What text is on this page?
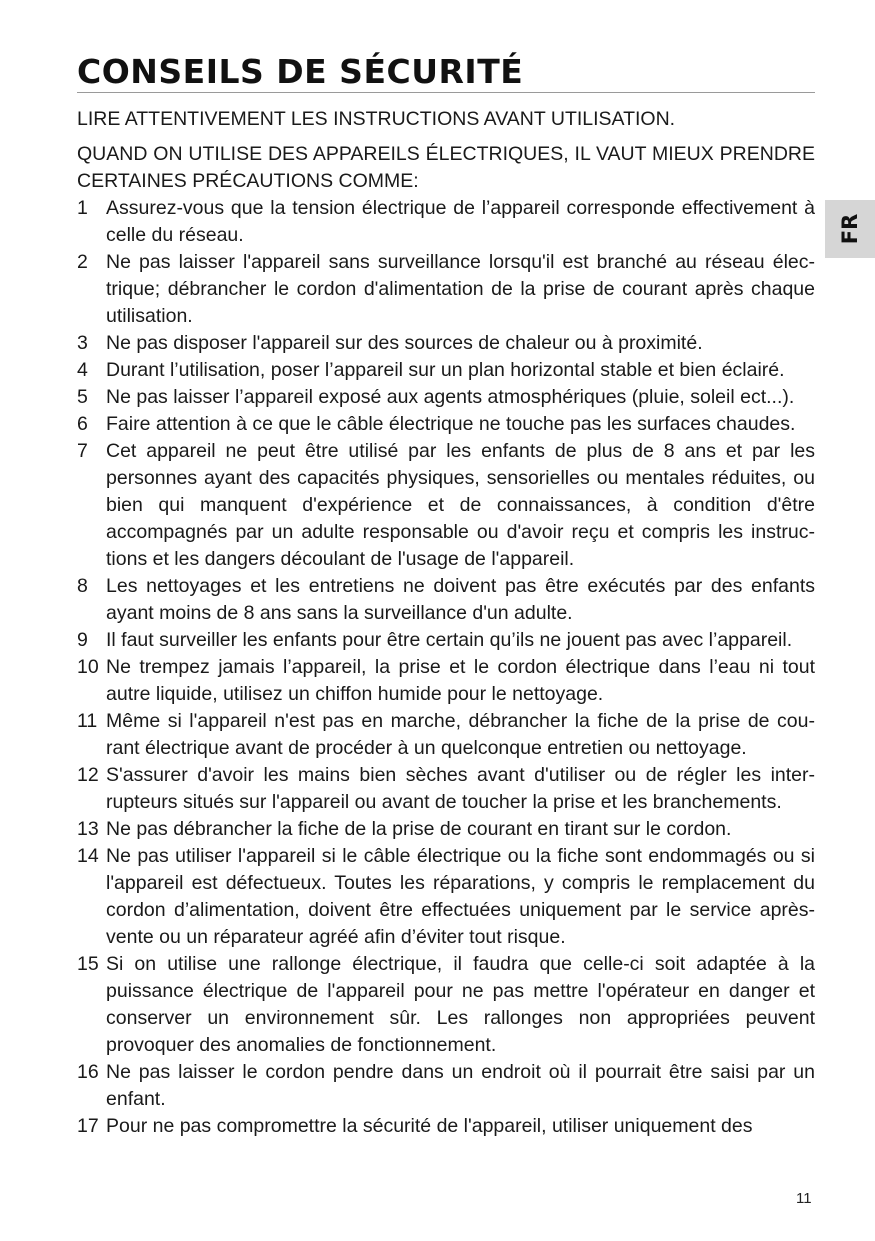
CONSEILS DE SÉCURITÉ
FR

LIRE ATTENTIVEMENT LES INSTRUCTIONS AVANT UTILISATION.

QUAND ON UTILISE DES APPAREILS ÉLECTRIQUES, IL VAUT MIEUX PRENDRE CERTAINES PRÉCAUTIONS COMME:

1 Assurez-vous que la tension électrique de l’appareil corresponde effectivement à celle du réseau.
2 Ne pas laisser l'appareil sans surveillance lorsqu'il est branché au réseau élec-trique; débrancher le cordon d'alimentation de la prise de courant après chaque utilisation.
3 Ne pas disposer l'appareil sur des sources de chaleur ou à proximité.
4 Durant l’utilisation, poser l’appareil sur un plan horizontal stable et bien éclairé.
5 Ne pas laisser l’appareil exposé aux agents atmosphériques (pluie, soleil ect...).
6 Faire attention à ce que le câble électrique ne touche pas les surfaces chaudes.
7 Cet appareil ne peut être utilisé par les enfants de plus de 8 ans et par les personnes ayant des capacités physiques, sensorielles ou mentales réduites, ou bien qui manquent d'expérience et de connaissances, à condition d'être accompagnés par un adulte responsable ou d'avoir reçu et compris les instruc-tions et les dangers découlant de l'usage de l'appareil.
8 Les nettoyages et les entretiens ne doivent pas être exécutés par des enfants ayant moins de 8 ans sans la surveillance d'un adulte.
9 Il faut surveiller les enfants pour être certain qu’ils ne jouent pas avec l’appareil.
10 Ne trempez jamais l’appareil, la prise et le cordon électrique dans l’eau ni tout autre liquide, utilisez un chiffon humide pour le nettoyage.
11 Même si l'appareil n'est pas en marche, débrancher la fiche de la prise de cou-rant électrique avant de procéder à un quelconque entretien ou nettoyage.
12 S'assurer d'avoir les mains bien sèches avant d'utiliser ou de régler les inter-rupteurs situés sur l'appareil ou avant de toucher la prise et les branchements.
13 Ne pas débrancher la fiche de la prise de courant en tirant sur le cordon.
14 Ne pas utiliser l'appareil si le câble électrique ou la fiche sont endommagés ou si l'appareil est défectueux. Toutes les réparations, y compris le remplacement du cordon d’alimentation, doivent être effectuées uniquement par le service après-vente ou un réparateur agréé afin d’éviter tout risque.
15 Si on utilise une rallonge électrique, il faudra que celle-ci soit adaptée à la puissance électrique de l'appareil pour ne pas mettre l'opérateur en danger et conserver un environnement sûr. Les rallonges non appropriées peuvent provoquer des anomalies de fonctionnement.
16 Ne pas laisser le cordon pendre dans un endroit où il pourrait être saisi par un enfant.
17 Pour ne pas compromettre la sécurité de l'appareil, utiliser uniquement des
11
